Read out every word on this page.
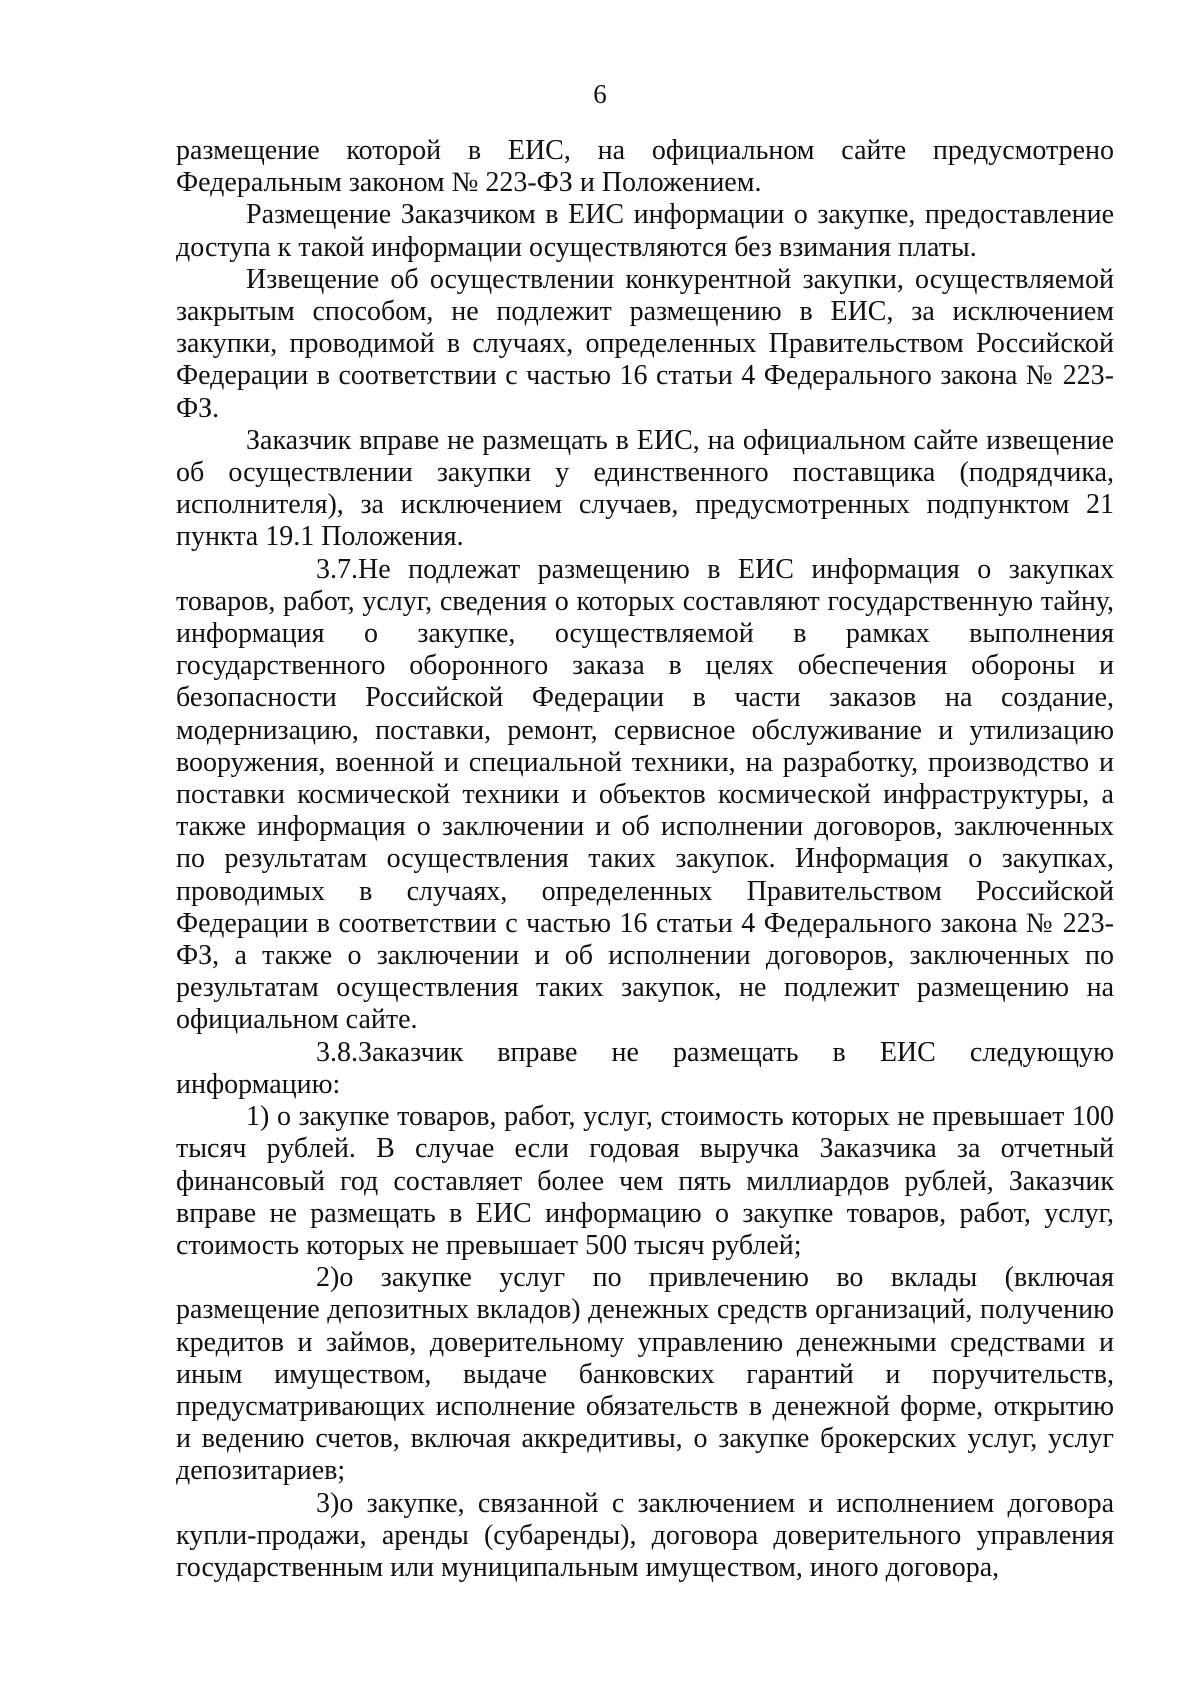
6

размещение которой в ЕИС, на официальном сайте предусмотрено Федеральным законом № 223-ФЗ и Положением.

Размещение Заказчиком в ЕИС информации о закупке, предоставление доступа к такой информации осуществляются без взимания платы.

Извещение об осуществлении конкурентной закупки, осуществляемой закрытым способом, не подлежит размещению в ЕИС, за исключением закупки, проводимой в случаях, определенных Правительством Российской Федерации в соответствии с частью 16 статьи 4 Федерального закона № 223- ФЗ.

Заказчик вправе не размещать в ЕИС, на официальном сайте извещение об осуществлении закупки у единственного поставщика (подрядчика, исполнителя), за исключением случаев, предусмотренных подпунктом 21 пункта 19.1 Положения.

3.7.Не подлежат размещению в ЕИС информация о закупках товаров, работ, услуг, сведения о которых составляют государственную тайну, информация о закупке, осуществляемой в рамках выполнения государственного оборонного заказа в целях обеспечения обороны и безопасности Российской Федерации в части заказов на создание, модернизацию, поставки, ремонт, сервисное обслуживание и утилизацию вооружения, военной и специальной техники, на разработку, производство и поставки космической техники и объектов космической инфраструктуры, а также информация о заключении и об исполнении договоров, заключенных по результатам осуществления таких закупок. Информация о закупках, проводимых в случаях, определенных Правительством Российской Федерации в соответствии с частью 16 статьи 4 Федерального закона № 223- ФЗ, а также о заключении и об исполнении договоров, заключенных по результатам осуществления таких закупок, не подлежит размещению на официальном сайте.

3.8.Заказчик вправе не размещать в ЕИС следующую информацию:

1) о закупке товаров, работ, услуг, стоимость которых не превышает 100 тысяч рублей. В случае если годовая выручка Заказчика за отчетный финансовый год составляет более чем пять миллиардов рублей, Заказчик вправе не размещать в ЕИС информацию о закупке товаров, работ, услуг, стоимость которых не превышает 500 тысяч рублей;

2)о закупке услуг по привлечению во вклады (включая размещение депозитных вкладов) денежных средств организаций, получению кредитов и займов, доверительному управлению денежными средствами и иным имуществом, выдаче банковских гарантий и поручительств, предусматривающих исполнение обязательств в денежной форме, открытию и ведению счетов, включая аккредитивы, о закупке брокерских услуг, услуг депозитариев;

3)о закупке, связанной с заключением и исполнением договора купли-продажи, аренды (субаренды), договора доверительного управления государственным или муниципальным имуществом, иного договора,
